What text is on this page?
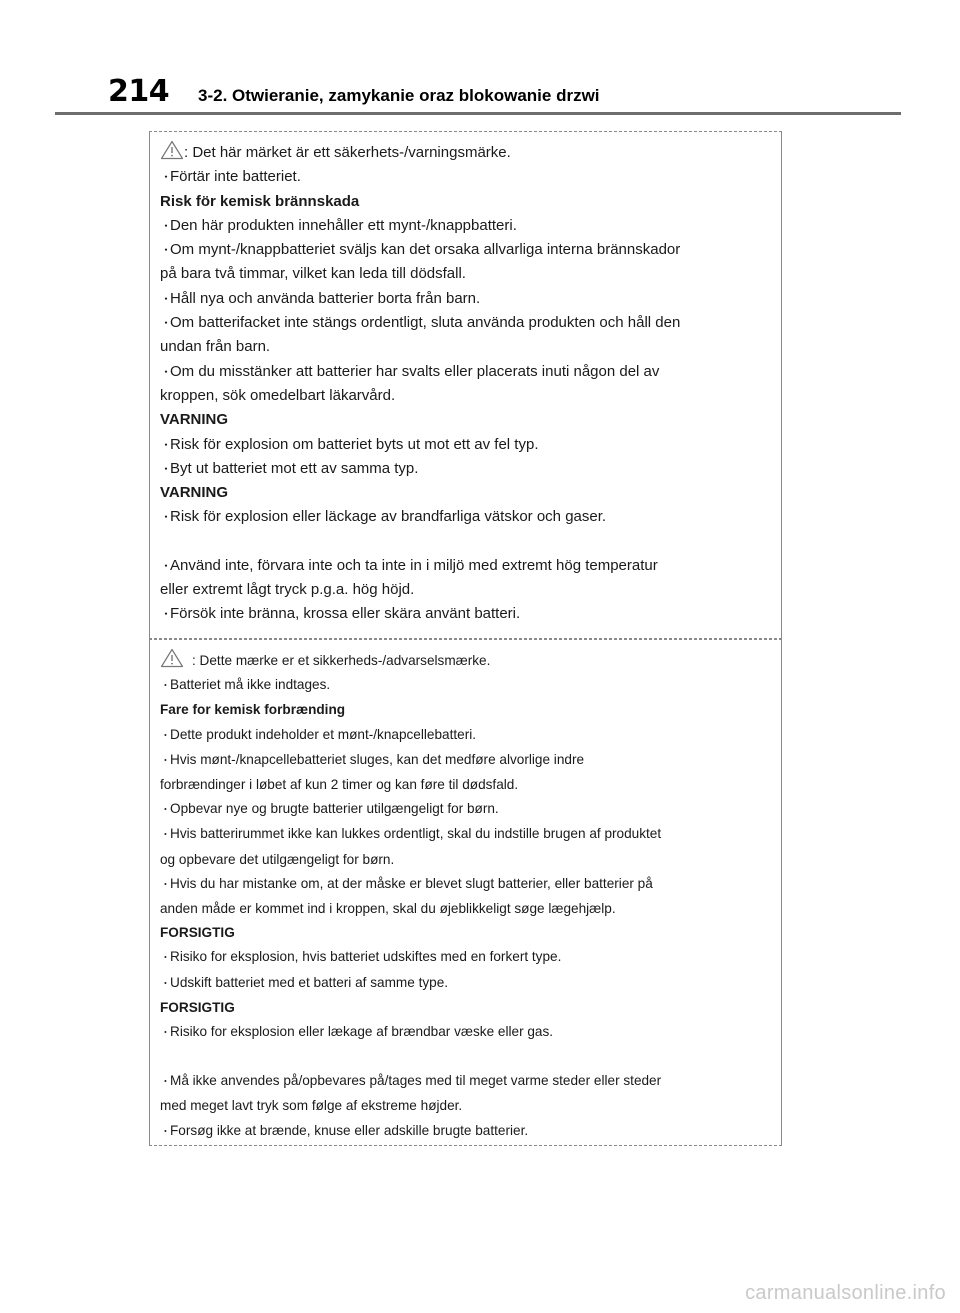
214 3-2. Otwieranie, zamykanie oraz blokowanie drzwi
: Det här märket är ett säkerhets-/varningsmärke.
・ Förtär inte batteriet.
Risk för kemisk brännskada
・ Den här produkten innehåller ett mynt-/knappbatteri.
・ Om mynt-/knappbatteriet sväljs kan det orsaka allvarliga interna brännskador
på bara två timmar, vilket kan leda till dödsfall.
・ Håll nya och använda batterier borta från barn.
・ Om batterifacket inte stängs ordentligt, sluta använda produkten och håll den
undan från barn.
・ Om du misstänker att batterier har svalts eller placerats inuti någon del av
kroppen, sök omedelbart läkarvård.
VARNING
・ Risk för explosion om batteriet byts ut mot ett av fel typ.
・ Byt ut batteriet mot ett av samma typ.
VARNING
・ Risk för explosion eller läckage av brandfarliga vätskor och gaser.
・ Använd inte, förvara inte och ta inte in i miljö med extremt hög temperatur
eller extremt lågt tryck p.g.a. hög höjd.
・ Försök inte bränna, krossa eller skära använt batteri.
: Dette mærke er et sikkerheds-/advarselsmærke.
・ Batteriet må ikke indtages.
Fare for kemisk forbrænding
・ Dette produkt indeholder et mønt-/knapcellebatteri.
・ Hvis mønt-/knapcellebatteriet sluges, kan det medføre alvorlige indre
forbrændinger i løbet af kun 2 timer og kan føre til dødsfald.
・ Opbevar nye og brugte batterier utilgængeligt for børn.
・ Hvis batterirummet ikke kan lukkes ordentligt, skal du indstille brugen af produktet
og opbevare det utilgængeligt for børn.
・ Hvis du har mistanke om, at der måske er blevet slugt batterier, eller batterier på
anden måde er kommet ind i kroppen, skal du øjeblikkeligt søge lægehjælp.
FORSIGTIG
・ Risiko for eksplosion, hvis batteriet udskiftes med en forkert type.
・ Udskift batteriet med et batteri af samme type.
FORSIGTIG
・ Risiko for eksplosion eller lækage af brændbar væske eller gas.
・ Må ikke anvendes på/opbevares på/tages med til meget varme steder eller steder
med meget lavt tryk som følge af ekstreme højder.
・ Forsøg ikke at brænde, knuse eller adskille brugte batterier.
carmanualsonline.info
